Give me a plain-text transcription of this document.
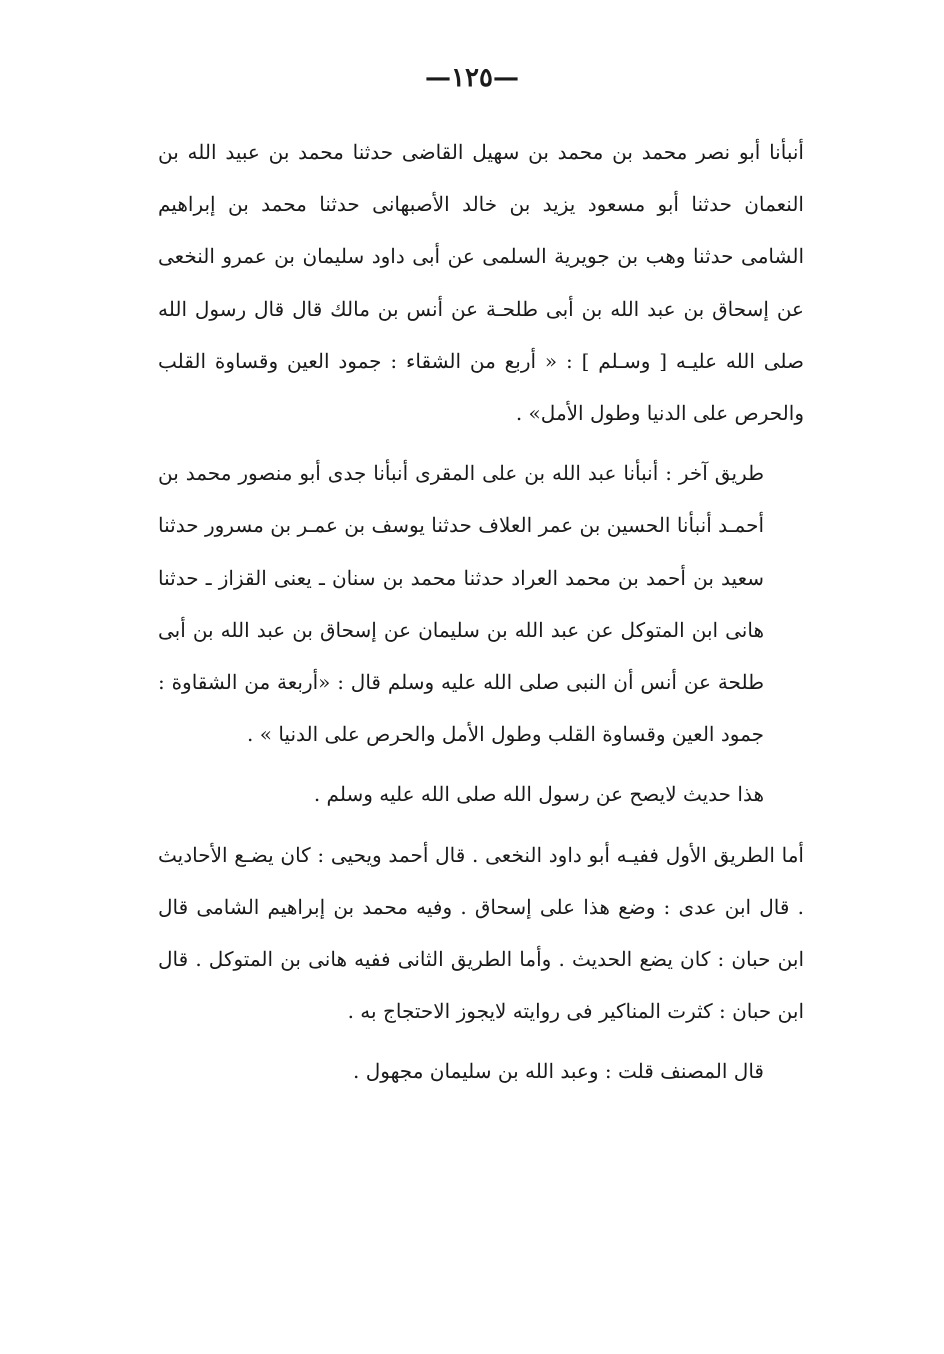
—١٢٥—

أنبأنا أبو نصر محمد بن محمد بن سهيل القاضى حدثنا محمد بن عبيد الله بن النعمان حدثنا أبو مسعود يزيد بن خالد الأصبهانى حدثنا محمد بن إبراهيم الشامى حدثنا وهب بن جويرية السلمى عن أبى داود سليمان بن عمرو النخعى عن إسحاق بن عبد الله بن أبى طلحـة عن أنس بن مالك قال قال رسول الله صلى الله عليـه [ وسـلم ] : « أربع من الشقاء : جمود العين وقساوة القلب والحرص على الدنيا وطول الأمل» .

طريق آخر : أنبأنا عبد الله بن على المقرى أنبأنا جدى أبو منصور محمد بن أحمـد أنبأنا الحسين بن عمر العلاف حدثنا يوسف بن عمـر بن مسرور حدثنا سعيد بن أحمد بن محمد العراد حدثنا محمد بن سنان ـ يعنى القزاز ـ حدثنا هانى ابن المتوكل عن عبد الله بن سليمان عن إسحاق بن عبد الله بن أبى طلحة عن أنس أن النبى صلى الله عليه وسلم قال : «أربعة من الشقاوة : جمود العين وقساوة القلب وطول الأمل والحرص على الدنيا » .

هذا حديث لايصح عن رسول الله صلى الله عليه وسلم .

أما الطريق الأول ففيـه أبو داود النخعى . قال أحمد ويحيى : كان يضـع الأحاديث . قال ابن عدى : وضع هذا على إسحاق . وفيه محمد بن إبراهيم الشامى قال ابن حبان : كان يضع الحديث . وأما الطريق الثانى ففيه هانى بن المتوكل . قال ابن حبان : كثرت المناكير فى روايته لايجوز الاحتجاج به .

قال المصنف قلت : وعبد الله بن سليمان مجهول .
